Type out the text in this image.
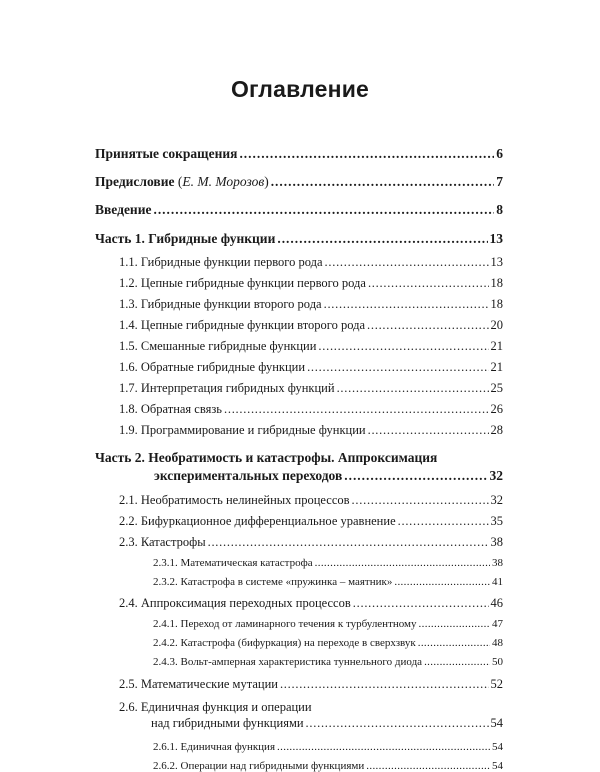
Оглавление
Принятые сокращения . . .	6
Предисловие (Е. М. Морозов) . . .	7
Введение . . .	8
Часть 1. Гибридные функции . . .	13
1.1. Гибридные функции первого рода . . .	13
1.2. Цепные гибридные функции первого рода . . .	18
1.3. Гибридные функции второго рода . . .	18
1.4. Цепные гибридные функции второго рода . . .	20
1.5. Смешанные гибридные функции . . .	21
1.6. Обратные гибридные функции . . .	21
1.7. Интерпретация гибридных функций . . .	25
1.8. Обратная связь . . .	26
1.9. Программирование и гибридные функции . . .	28
Часть 2. Необратимость и катастрофы. Аппроксимация
экспериментальных переходов . . .	32
2.1. Необратимость нелинейных процессов . . .	32
2.2. Бифуркационное дифференциальное уравнение . . .	35
2.3. Катастрофы . . .	38
2.3.1. Математическая катастрофа . . .	38
2.3.2. Катастрофа в системе «пружинка – маятник» . . .	41
2.4. Аппроксимация переходных процессов . . .	46
2.4.1. Переход от ламинарного течения к турбулентному . . .	47
2.4.2. Катастрофа (бифуркация) на переходе в сверхзвук . . .	48
2.4.3. Вольт-амперная характеристика туннельного диода . . .	50
2.5. Математические мутации . . .	52
2.6. Единичная функция и операции
над гибридными функциями . . .	54
2.6.1. Единичная функция . . .	54
2.6.2. Операции над гибридными функциями . . .	54
